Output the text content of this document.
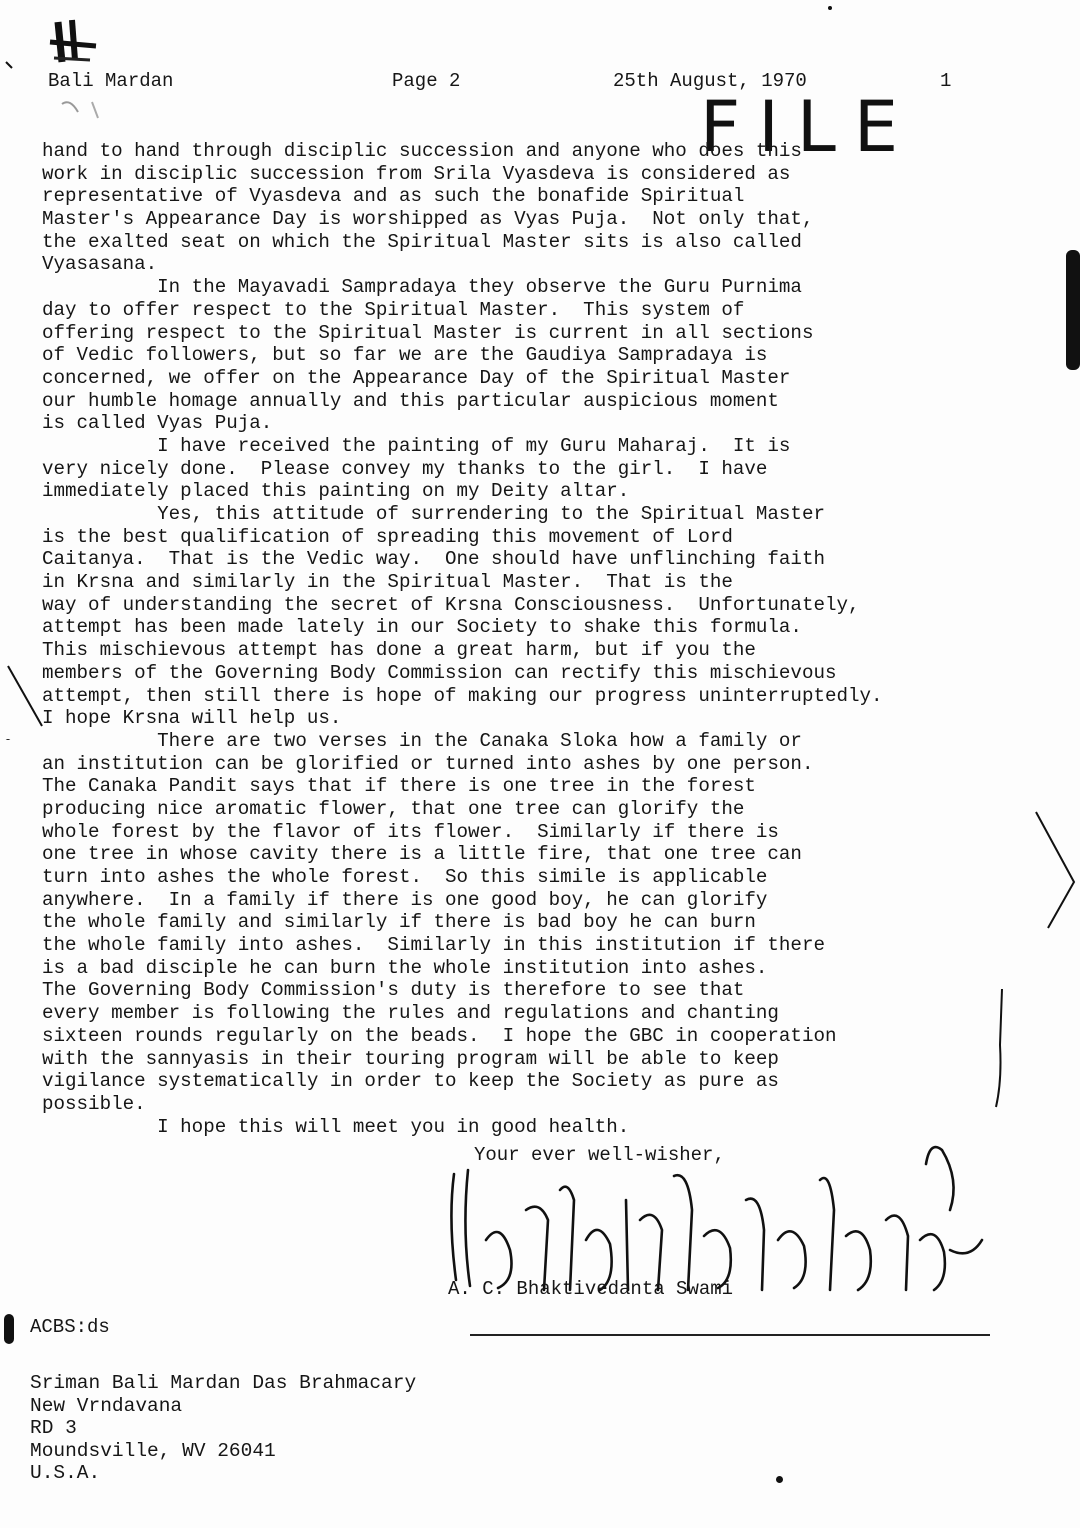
Bali Mardan	Page 2	25th August, 1970	1
FILE
hand to hand through disciplic succession and anyone who does this
work in disciplic succession from Srila Vyasdeva is considered as
representative of Vyasdeva and as such the bonafide Spiritual
Master's Appearance Day is worshipped as Vyas Puja.  Not only that,
the exalted seat on which the Spiritual Master sits is also called
Vyasasana.
In the Mayavadi Sampradaya they observe the Guru Purnima
day to offer respect to the Spiritual Master.  This system of
offering respect to the Spiritual Master is current in all sections
of Vedic followers, but so far we are the Gaudiya Sampradaya is
concerned, we offer on the Appearance Day of the Spiritual Master
our humble homage annually and this particular auspicious moment
is called Vyas Puja.
I have received the painting of my Guru Maharaj.  It is
very nicely done.  Please convey my thanks to the girl.  I have
immediately placed this painting on my Deity altar.
Yes, this attitude of surrendering to the Spiritual Master
is the best qualification of spreading this movement of Lord
Caitanya.  That is the Vedic way.  One should have unflinching faith
in Krsna and similarly in the Spiritual Master.  That is the
way of understanding the secret of Krsna Consciousness.  Unfortunately,
attempt has been made lately in our Society to shake this formula.
This mischievous attempt has done a great harm, but if you the
members of the Governing Body Commission can rectify this mischievous
attempt, then still there is hope of making our progress uninterruptedly.
I hope Krsna will help us.
There are two verses in the Canaka Sloka how a family or
an institution can be glorified or turned into ashes by one person.
The Canaka Pandit says that if there is one tree in the forest
producing nice aromatic flower, that one tree can glorify the
whole forest by the flavor of its flower.  Similarly if there is
one tree in whose cavity there is a little fire, that one tree can
turn into ashes the whole forest.  So this simile is applicable
anywhere.  In a family if there is one good boy, he can glorify
the whole family and similarly if there is bad boy he can burn
the whole family into ashes.  Similarly in this institution if there
is a bad disciple he can burn the whole institution into ashes.
The Governing Body Commission's duty is therefore to see that
every member is following the rules and regulations and chanting
sixteen rounds regularly on the beads.  I hope the GBC in cooperation
with the sannyasis in their touring program will be able to keep
vigilance systematically in order to keep the Society as pure as
possible.
I hope this will meet you in good health.
Your ever well-wisher,
A. C. Bhaktivedanta Swami
ACBS:ds
Sriman Bali Mardan Das Brahmacary
New Vrndavana
RD 3
Moundsville, WV 26041
U.S.A.
